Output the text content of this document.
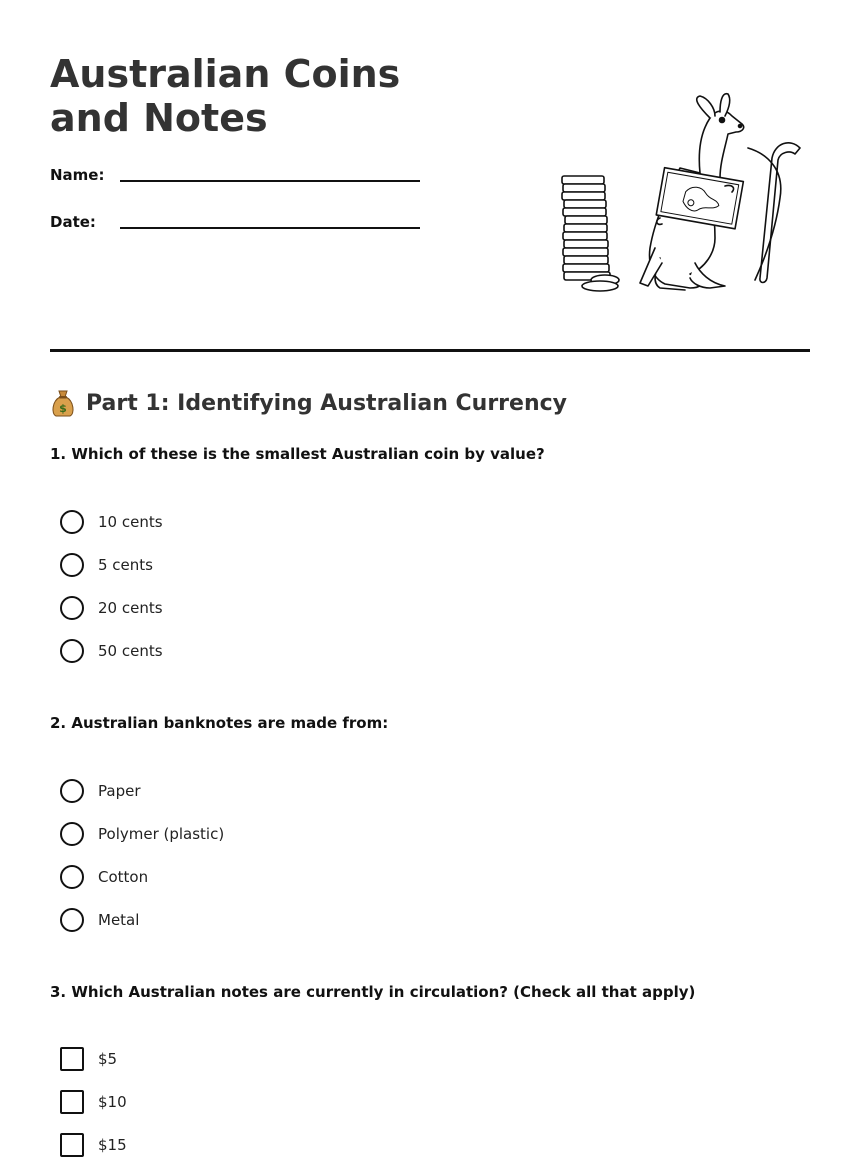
Australian Coins and Notes
Name:
Date:
$ Part 1: Identifying Australian Currency
1. Which of these is the smallest Australian coin by value?
10 cents
5 cents
20 cents
50 cents
2. Australian banknotes are made from:
Paper
Polymer (plastic)
Cotton
Metal
3. Which Australian notes are currently in circulation? (Check all that apply)
$5
$10
$15
